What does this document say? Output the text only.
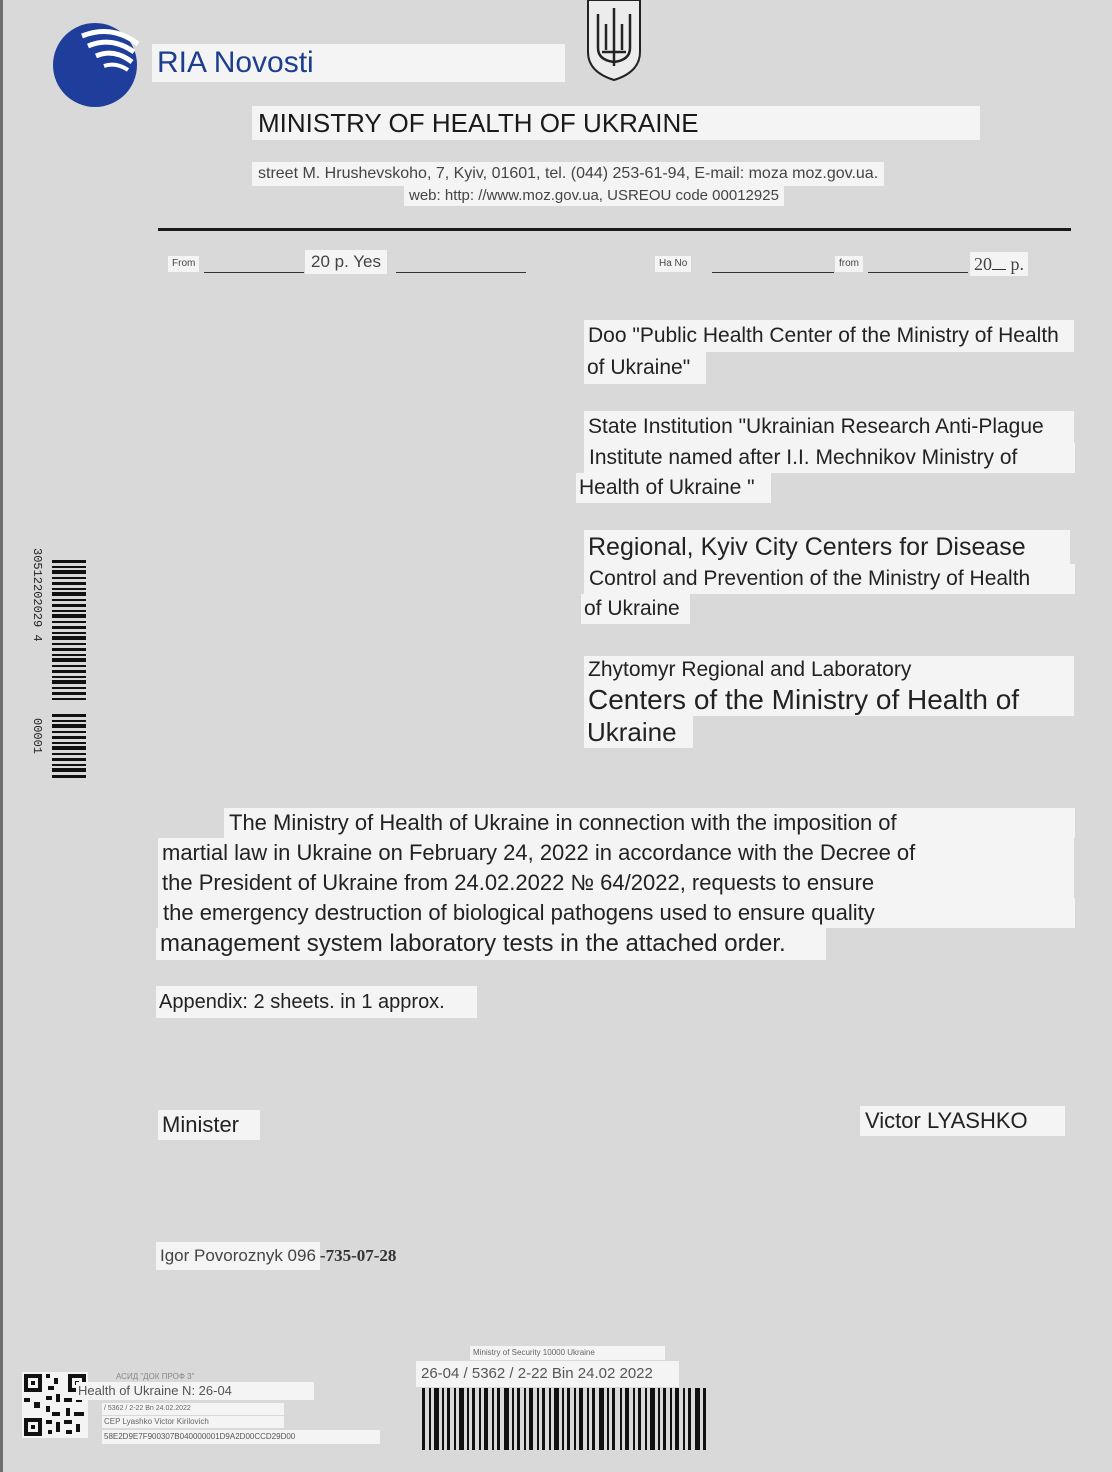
RIA Novosti
MINISTRY OF HEALTH OF UKRAINE
street M. Hrushevskoho, 7, Kyiv, 01601, tel. (044) 253-61-94, E-mail: moza moz.gov.ua.
web: http: //www.moz.gov.ua, USREOU code 00012925
From	20 p. Yes	Ha No	from	20 p.
Doo "Public Health Center of the Ministry of Health
of Ukraine"
State Institution "Ukrainian Research Anti-Plague
Institute named after I.I. Mechnikov Ministry of
Health of Ukraine "
Regional, Kyiv City Centers for Disease
Control and Prevention of the Ministry of Health
of Ukraine
Zhytomyr Regional and Laboratory
Centers of the Ministry of Health of
Ukraine
The Ministry of Health of Ukraine in connection with the imposition of
martial law in Ukraine on February 24, 2022 in accordance with the Decree of
the President of Ukraine from 24.02.2022 № 64/2022, requests to ensure
the emergency destruction of biological pathogens used to ensure quality
management system laboratory tests in the attached order.
Appendix: 2 sheets. in 1 approx.
Minister	Victor LYASHKO
Igor Povoroznyk 096 -735-07-28
30512202029 4
00001
АСИД "ДОК ПРОФ 3"
Health of Ukraine N: 26-04
/ 5362 / 2-22 Bn 24.02.2022
CEP Lyashko Victor Kirilovich
58E2D9E7F900307B040000001D9A2D00CCD29D00
Ministry of Security 10000 Ukraine
26-04 / 5362 / 2-22 Bin 24.02 2022
